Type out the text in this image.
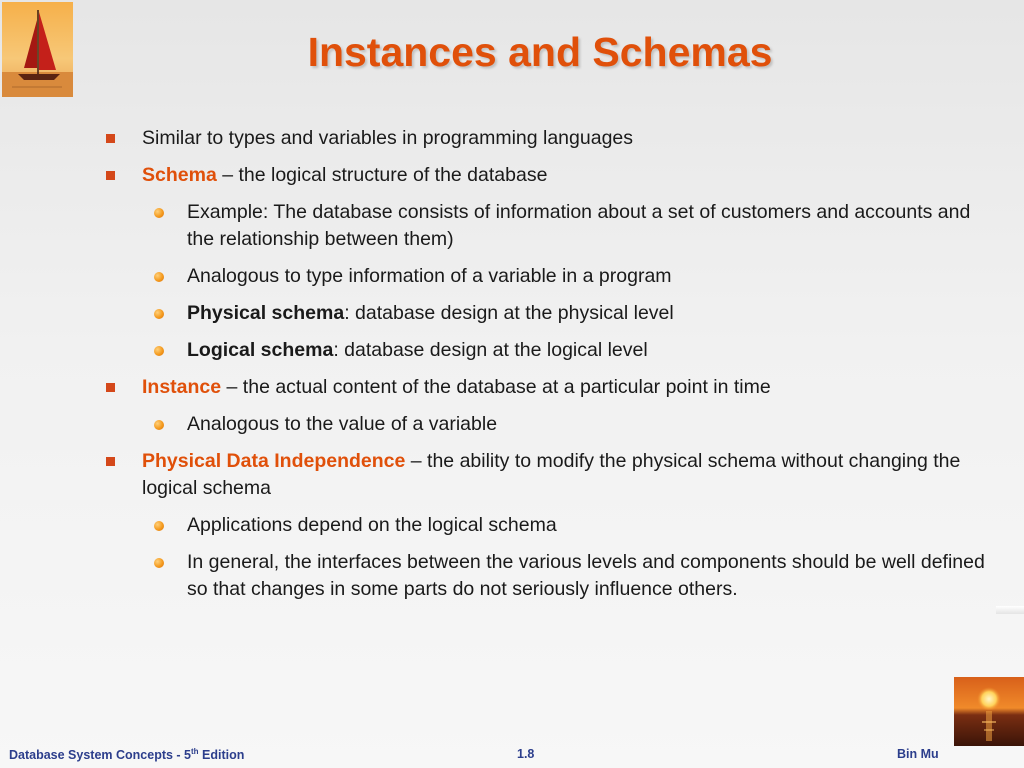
Instances and Schemas
Similar to types and variables in programming languages
Schema – the logical structure of the database
Example: The database consists of information about a set of customers and accounts and the relationship between them)
Analogous to type information of a variable in a program
Physical schema: database design at the physical level
Logical schema: database design at the logical level
Instance – the actual content of the database at a particular point in time
Analogous to the value of a variable
Physical Data Independence – the ability to modify the physical schema without changing the logical schema
Applications depend on the logical schema
In general, the interfaces between the various levels and components should be well defined so that changes in some parts do not seriously influence others.
Database System Concepts - 5th Edition	1.8	Bin Mu
